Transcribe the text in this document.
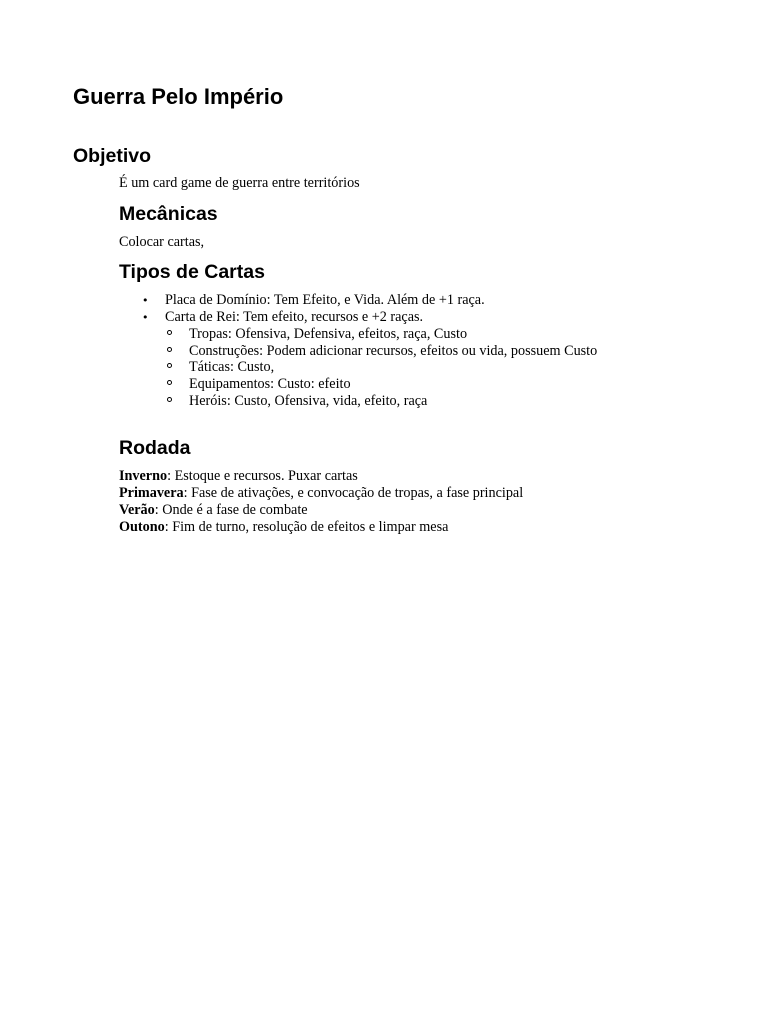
Guerra Pelo Império
Objetivo

É um card game de guerra entre territórios

Mecânicas

Colocar cartas,

Tipos de Cartas
• Placa de Domínio: Tem Efeito, e Vida. Além de +1 raça.

• Carta de Rei: Tem efeito, recursos e +2 raças.

Tropas: Ofensiva, Defensiva, efeitos, raça, Custo

Construções: Podem adicionar recursos, efeitos ou vida, possuem Custo

Táticas: Custo,

Equipamentos: Custo: efeito

Heróis: Custo, Ofensiva, vida, efeito, raça

Rodada

Inverno: Estoque e recursos. Puxar cartas

Primavera: Fase de ativações, e convocação de tropas, a fase principal

Verão: Onde é a fase de combate

Outono: Fim de turno, resolução de efeitos e limpar mesa
